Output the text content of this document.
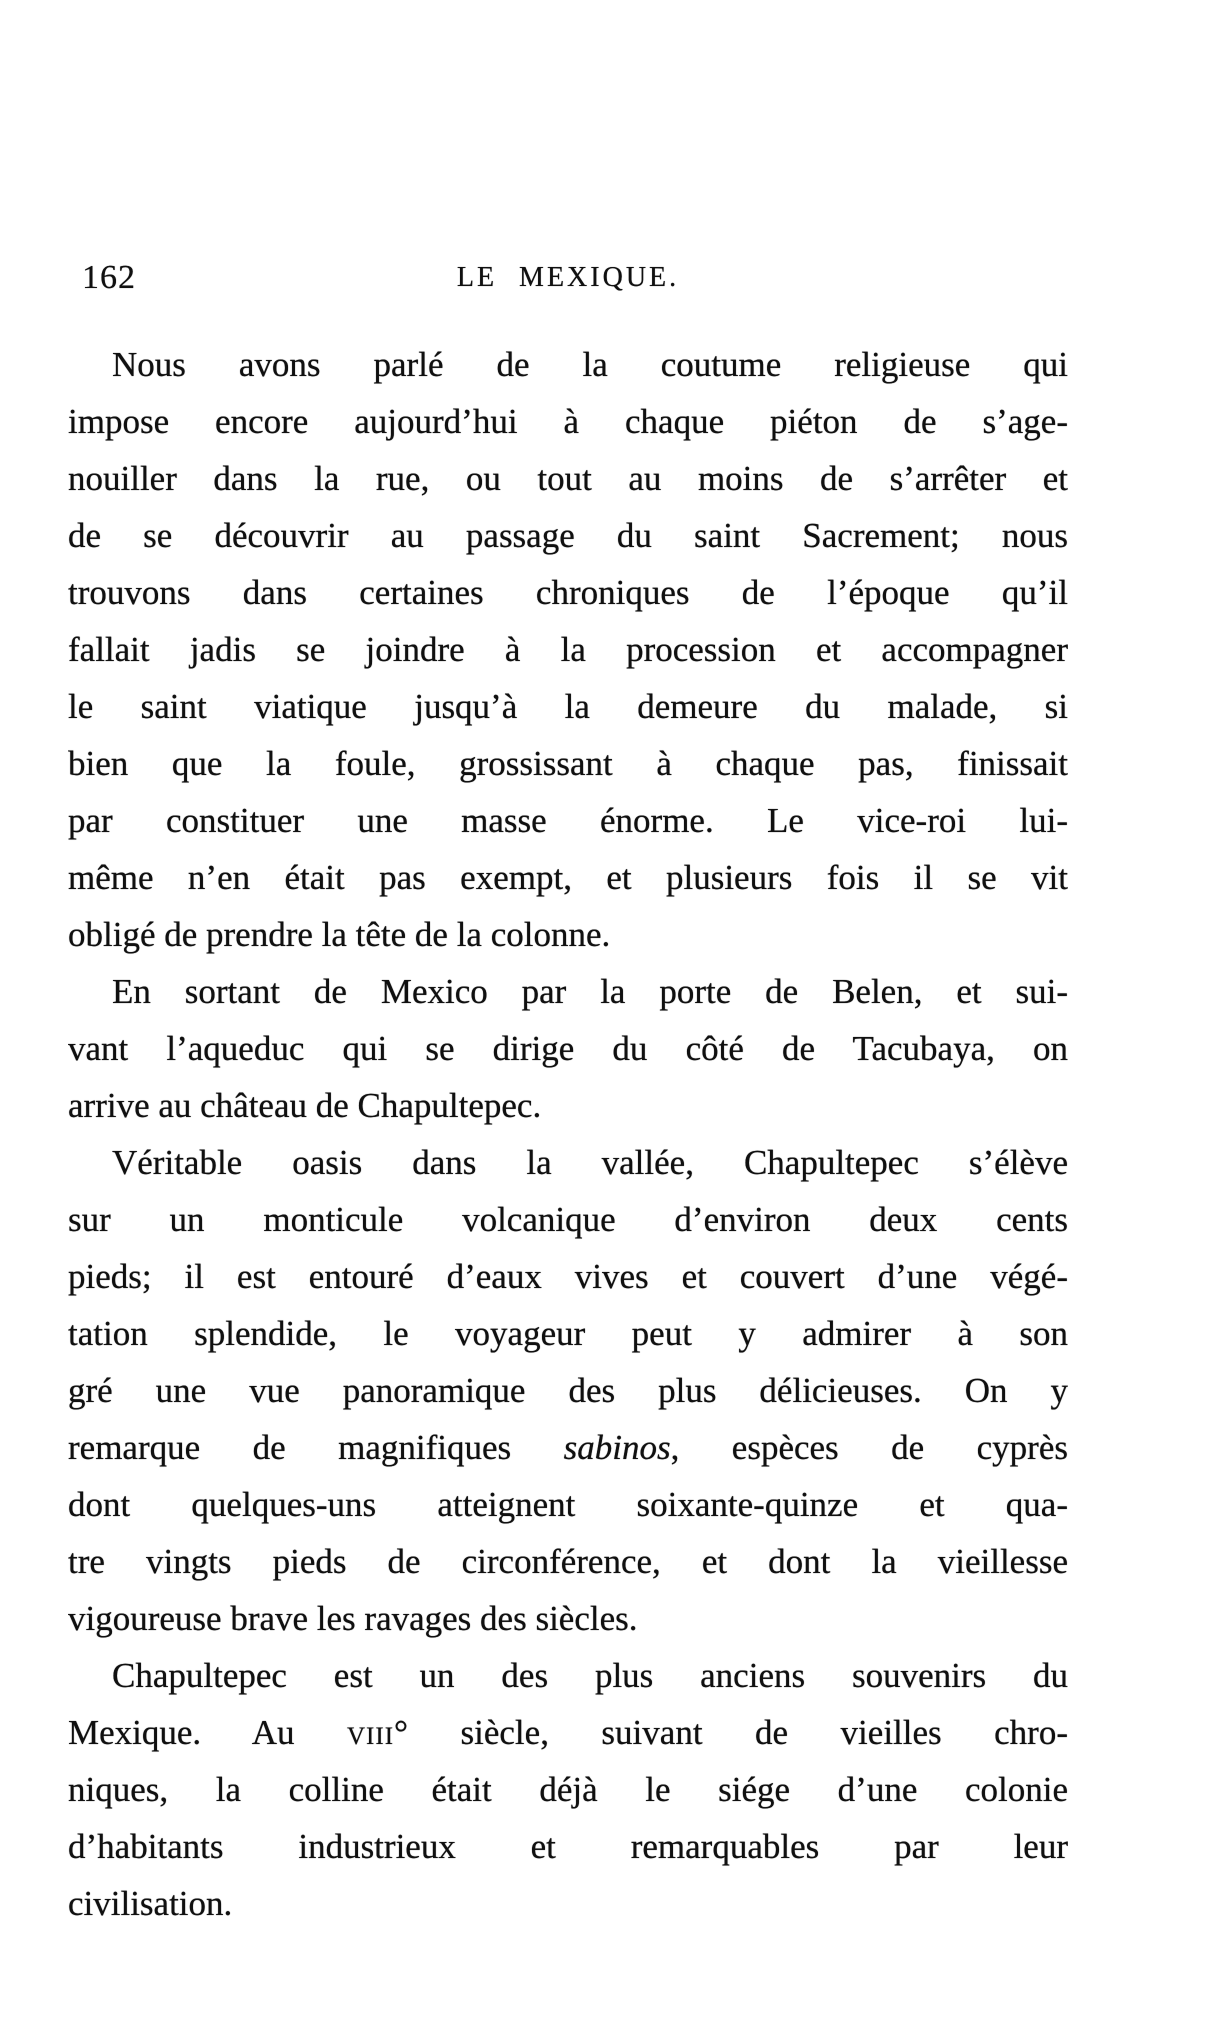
162	LE MEXIQUE.
Nous avons parlé de la coutume religieuse qui
impose encore aujourd’hui à chaque piéton de s’age-
nouiller dans la rue, ou tout au moins de s’arrêter et
de se découvrir au passage du saint Sacrement; nous
trouvons dans certaines chroniques de l’époque qu’il
fallait jadis se joindre à la procession et accompagner
le saint viatique jusqu’à la demeure du malade, si
bien que la foule, grossissant à chaque pas, finissait
par constituer une masse énorme. Le vice-roi lui-
même n’en était pas exempt, et plusieurs fois il se vit
obligé de prendre la tête de la colonne.
En sortant de Mexico par la porte de Belen, et sui-
vant l’aqueduc qui se dirige du côté de Tacubaya, on
arrive au château de Chapultepec.
Véritable oasis dans la vallée, Chapultepec s’élève
sur un monticule volcanique d’environ deux cents
pieds; il est entouré d’eaux vives et couvert d’une végé-
tation splendide, le voyageur peut y admirer à son
gré une vue panoramique des plus délicieuses. On y
remarque de magnifiques sabinos, espèces de cyprès
dont quelques-uns atteignent soixante-quinze et qua-
tre vingts pieds de circonférence, et dont la vieillesse
vigoureuse brave les ravages des siècles.
Chapultepec est un des plus anciens souvenirs du
Mexique. Au viii° siècle, suivant de vieilles chro-
niques, la colline était déjà le siége d’une colonie
d’habitants industrieux et remarquables par leur
civilisation.
